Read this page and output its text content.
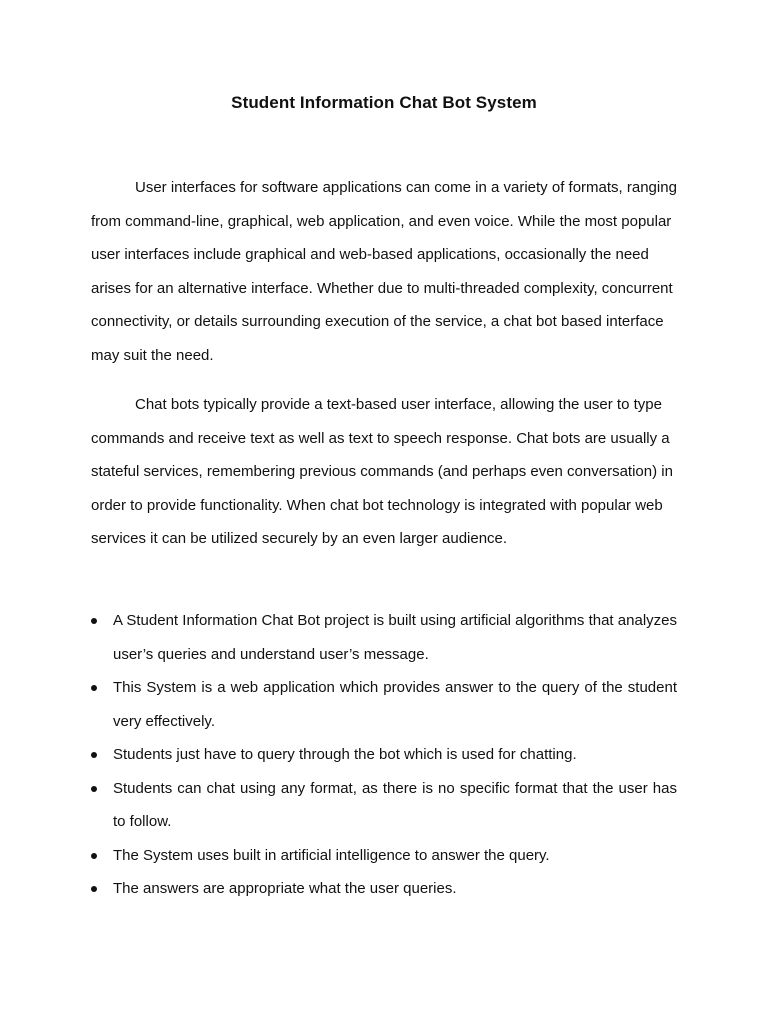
Student Information Chat Bot System

User interfaces for software applications can come in a variety of formats, ranging from command-line, graphical, web application, and even voice. While the most popular user interfaces include graphical and web-based applications, occasionally the need arises for an alternative interface. Whether due to multi-threaded complexity, concurrent connectivity, or details surrounding execution of the service, a chat bot based interface may suit the need.

Chat bots typically provide a text-based user interface, allowing the user to type commands and receive text as well as text to speech response. Chat bots are usually a stateful services, remembering previous commands (and perhaps even conversation) in order to provide functionality. When chat bot technology is integrated with popular web services it can be utilized securely by an even larger audience.

A Student Information Chat Bot project is built using artificial algorithms that analyzes user’s queries and understand user’s message.
This System is a web application which provides answer to the query of the student very effectively.
Students just have to query through the bot which is used for chatting.
Students can chat using any format, as there is no specific format that the user has to follow.
The System uses built in artificial intelligence to answer the query.
The answers are appropriate what the user queries.
